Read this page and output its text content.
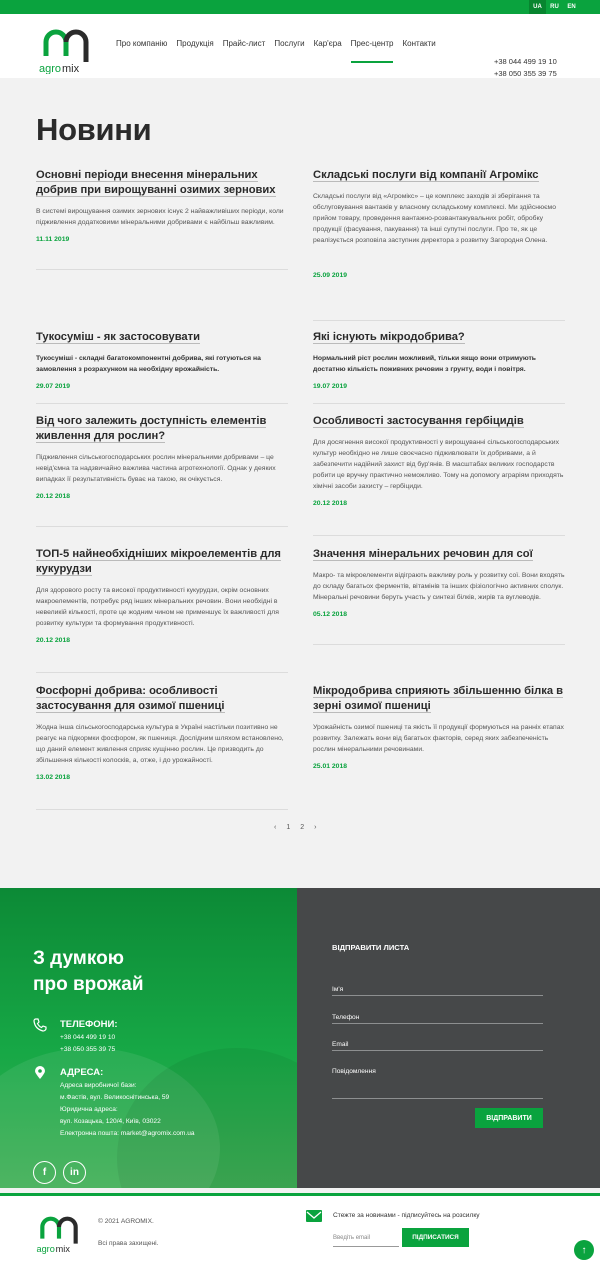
UA	RU	EN
agro mix
Про компанію Продукція Прайс-лист Послуги Кар'єра Прес-центр Контакти
+38 044 499 19 10
+38 050 355 39 75
Новини
Основні періоди внесення мінеральних добрив при вирощуванні озимих зернових
В системі вирощування озимих зернових існує 2 найважливіших періоди, коли підживлення додатковими мінеральними добривами є найбільш важливим.
11.11 2019
Тукосуміш - як застосовувати
Тукосуміші - складні багатокомпонентні добрива, які готуються на замовлення з розрахунком на необхідну врожайність.
29.07 2019
Від чого залежить доступність елементів живлення для рослин?
Підживлення сільськогосподарських рослин мінеральними добривами – це невід'ємна та надзвичайно важлива частина агротехнології. Однак у деяких випадках її результативність буває на такою, як очікується.
20.12 2018
ТОП-5 найнеобхідніших мікроелементів для кукурудзи
Для здорового росту та високої продуктивності кукурудзи, окрім основних макроелементів, потребує ряд інших мінеральних речовин. Вони необхідні в невеликій кількості, проте це жодним чином не применшує їх важливості для розвитку культури та формування продуктивності.
20.12 2018
Фосфорні добрива: особливості застосування для озимої пшениці
Жодна інша сільськогосподарська культура в Україні настільки позитивно не реагує на підкормки фосфором, як пшениця. Дослідним шляхом встановлено, що даний елемент живлення сприяє кущінню рослин. Це призводить до збільшення кількості колосків, а, отже, і до урожайності.
13.02 2018
Складські послуги від компанії Агромікс
Складські послуги від «Агромікс» – це комплекс заходів зі зберігання та обслуговування вантажів у власному складському комплексі. Ми здійснюємо прийом товару, проведення вантажно-розвантажувальних робіт, обробку продукції (фасування, пакування) та інші супутні послуги. Про те, як це реалізується розповіла заступник директора з розвитку Загородня Олена.
25.09 2019
Які існують мікродобрива?
Нормальний ріст рослин можливий, тільки якщо вони отримують достатню кількість поживних речовин з грунту, води і повітря.
19.07 2019
Особливості застосування гербіцидів
Для досягнення високої продуктивності у вирощуванні сільськогосподарських культур необхідно не лише своєчасно підживлювати їх добривами, а й забезпечити надійний захист від бур'янів. В масштабах великих господарств робити це вручну практично неможливо. Тому на допомогу аграріям приходять хімічні засоби захисту – гербіциди.
20.12 2018
Значення мінеральних речовин для сої
Макро- та мікроелементи відіграють важливу роль у розвитку сої. Вони входять до складу багатьох ферментів, вітамінів та інших фізіологічно активних сполук. Мінеральні речовини беруть участь у синтезі білків, жирів та вуглеводів.
05.12 2018
Мікродобрива сприяють збільшенню білка в зерні озимої пшениці
Урожайність озимої пшениці та якість її продукції формуються на ранніх етапах розвитку. Залежать вони від багатьох факторів, серед яких забезпеченість рослин мінеральними речовинами.
25.01 2018
‹ 1 2 ›
З думкою
про врожай
ТЕЛЕФОНИ:
+38 044 499 19 10
+38 050 355 39 75
АДРЕСА:
Адреса виробничої бази:
м.Фастів, вул. Великоснітинська, 59
Юридична адреса:
вул. Козацька, 120/4, Київ, 03022
Електронна пошта: market@agromix.com.ua
f	in
ВІДПРАВИТИ ЛИСТА
Ім'я
Телефон
Email
Повідомлення
ВІДПРАВИТИ
agro mix
© 2021 AGROMIX.
Всі права захищені.
Стежте за новинами - підписуйтесь на розсилку
Введіть email	ПІДПИСАТИСЯ
↑
